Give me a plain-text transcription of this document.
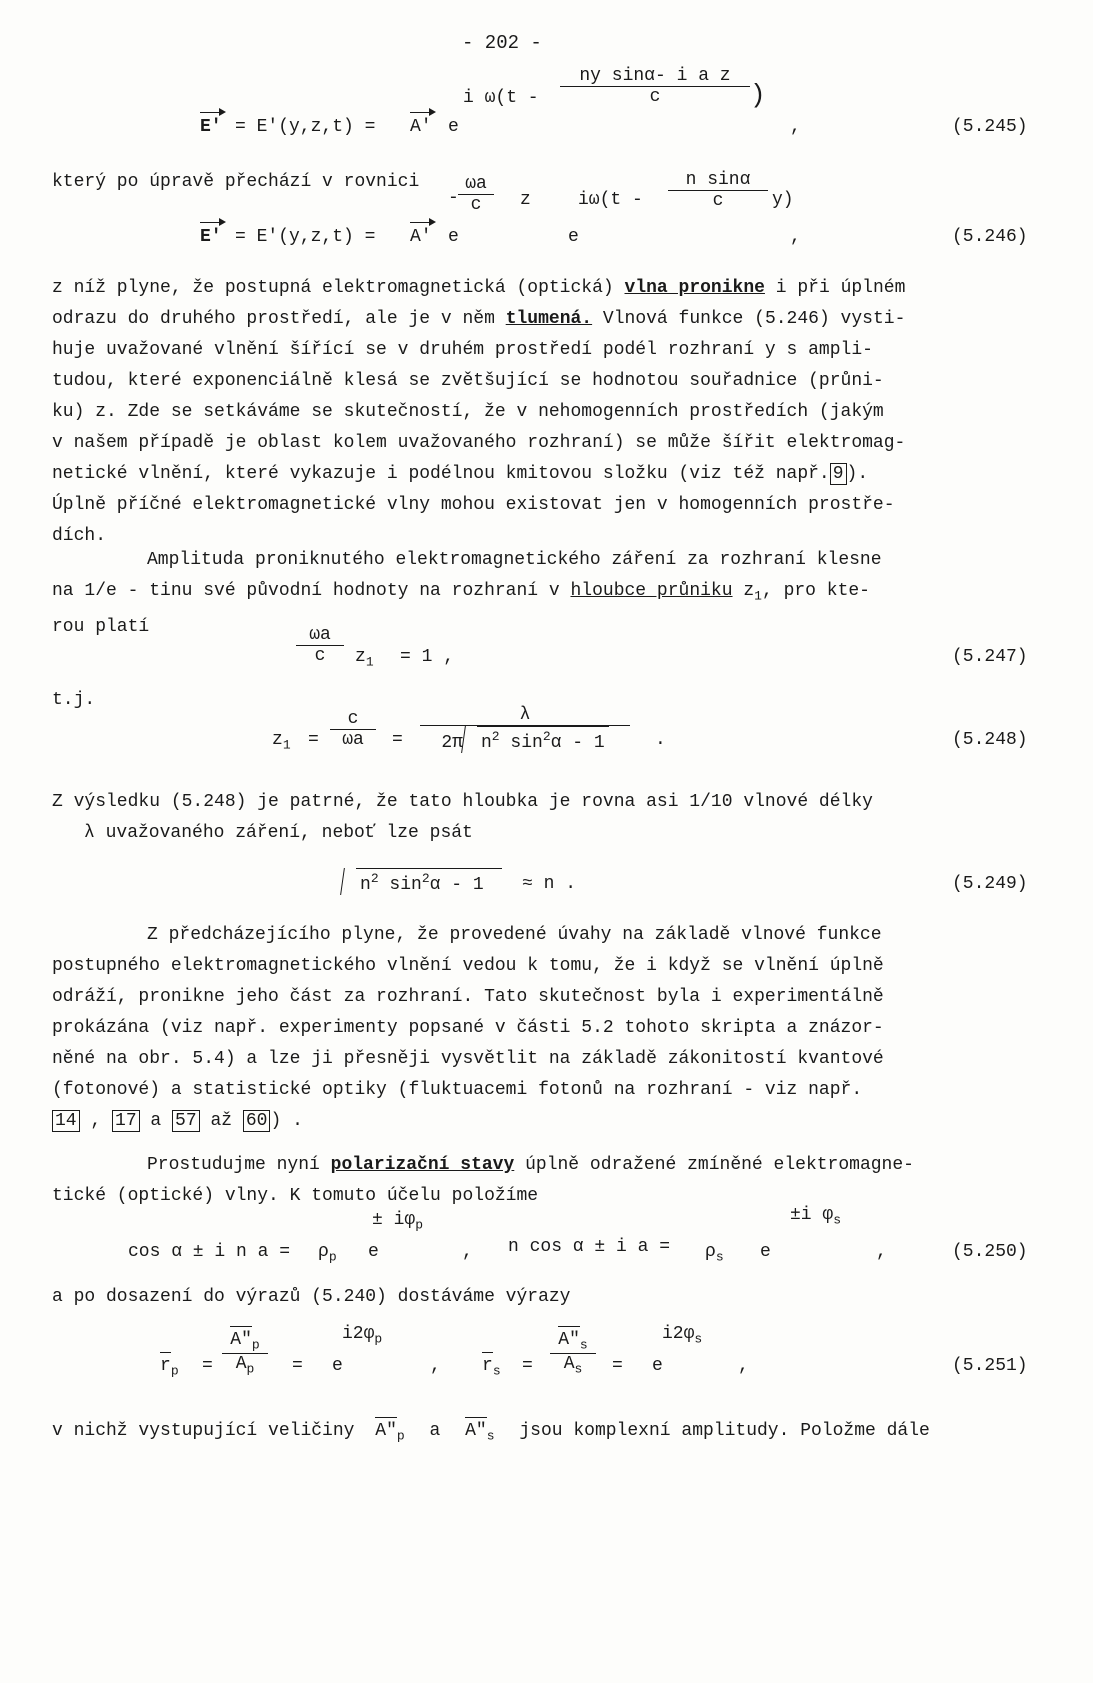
- 202 -
i $\omega(t - \frac{\text{ny sinα- i a z}}{c}$ )
E' = E'(y,z,t) = A' e	,	(5.245)
který po úpravě přechází v rovnici
- $\frac{\omega a}{c}$ z	$i\omega(t - \frac{\text{n sinα}}{c} y)$
E' = E'(y,z,t) = A' e	e	,	(5.246)
z níž plyne, že postupná elektromagnetická (optická) vlna pronikne i při úplném
odrazu do druhého prostředí, ale je v něm tlumená. Vlnová funkce (5.246) vysti-
huje uvažované vlnění šířící se v druhém prostředí podél rozhraní y s ampli-
tudou, které exponenciálně klesá se zvětšující se hodnotou souřadnice (průni-
ku) z. Zde se setkáváme se skutečností, že v nehomogenních prostředích (jakým
v našem případě je oblast kolem uvažovaného rozhraní) se může šířit elektromag-
netické vlnění, které vykazuje i podélnou kmitovou složku (viz též např. 9 ).
Úplně příčné elektromagnetické vlny mohou existovat jen v homogenních prostře-
dích.
Amplituda proniknutého elektromagnetického záření za rozhraní klesne
na 1/e - tinu své původní hodnoty na rozhraní v hloubce průniku $z_1$, pro kte-
rou platí	$\frac{\omega a}{c} z_1 = 1$ ,	(5.247)
t.j.
$z_1 = \frac{c}{\omega a} = \frac{\lambda}{2\pi n^2 \sin^2\alpha - 1}$ .	(5.248)
Z výsledku (5.248) je patrné, že tato hloubka je rovna asi 1/10 vlnové délky
λ uvažovaného záření, neboť lze psát
$n^2$ $\sin^2\alpha - 1$	≈ n .	(5.249)
Z předcházejícího plyne, že provedené úvahy na základě vlnové funkce
postupného elektromagnetického vlnění vedou k tomu, že i když se vlnění úplně
odráží, pronikne jeho část za rozhraní. Tato skutečnost byla i experimentálně
prokázána (viz např. experimenty popsané v části 5.2 tohoto skripta a znázor-
něné na obr. 5.4) a lze ji přesněji vysvětlit na základě zákonitostí kvantové
(fotonové) a statistické optiky (fluktuacemi fotonů na rozhraní - viz např.
14 , 17 a 57 až 60 ) .
Prostudujme nyní polarizační stavy úplně odražené zmíněné elektromagne-
tické (optické) vlny. K tomuto účelu položíme
± $i\varphi_p$
±i $\varphi_s$
cos α ± i n $a = \rho_p$ e	, n cos α ± i $a = \rho_s$ e	,	(5.250)
a po dosazení do výrazů (5.240) dostáváme výrazy
$r_p = \frac{A"_p}{A_p} = e$
$i2\varphi_p$
, $r_s = \frac{A"_s}{A_s} = e$
$i2\varphi_s$
,	(5.251)
v nichž vystupující veličiny $A"_p$ a $A"_s$ jsou komplexní amplitudy. Položme dále
